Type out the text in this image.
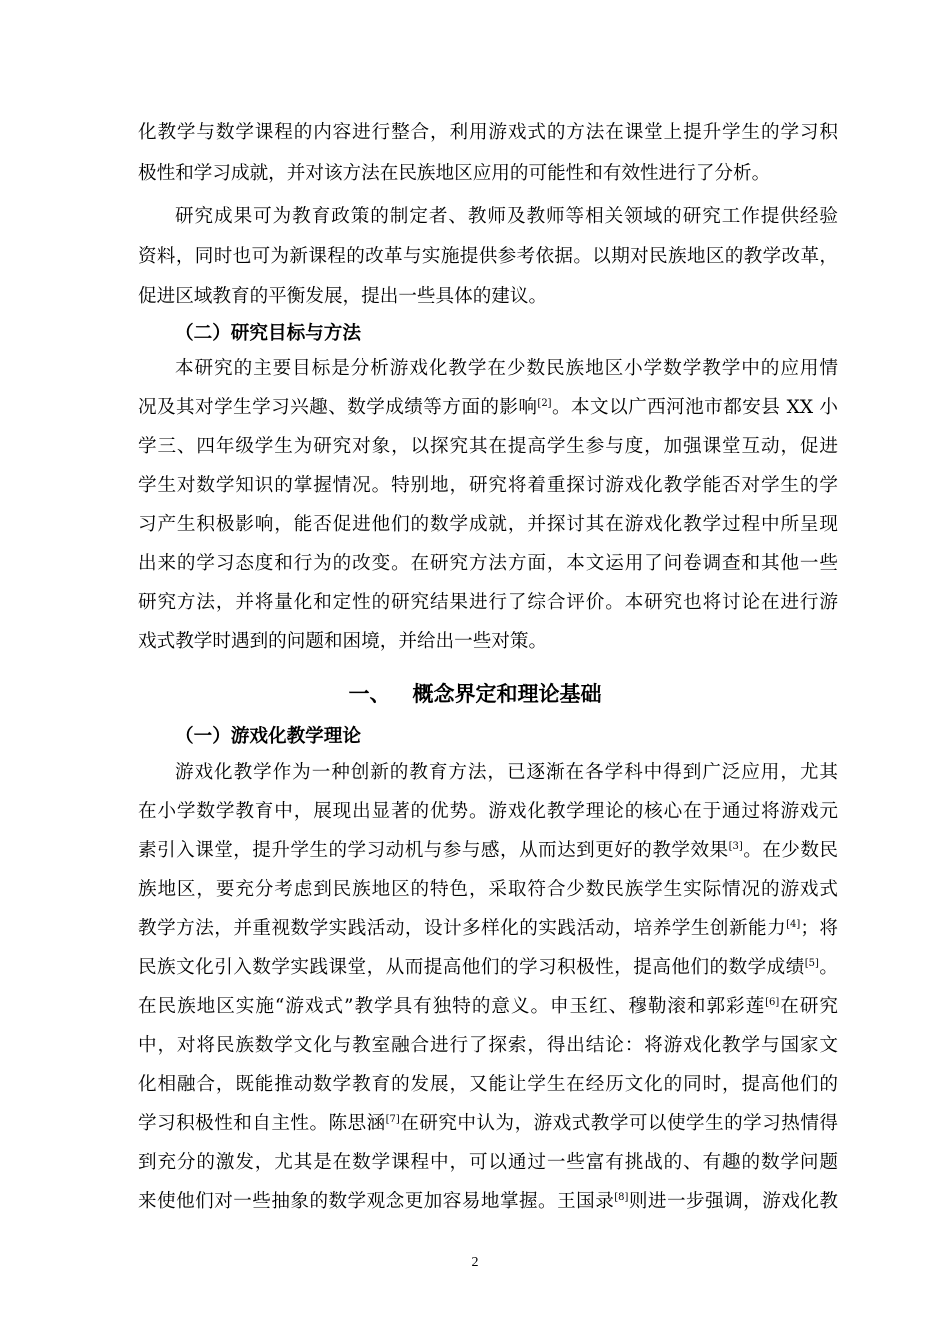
化教学与数学课程的内容进行整合，利用游戏式的方法在课堂上提升学生的学习积
极性和学习成就，并对该方法在民族地区应用的可能性和有效性进行了分析。
研究成果可为教育政策的制定者、教师及教师等相关领域的研究工作提供经验
资料，同时也可为新课程的改革与实施提供参考依据。以期对民族地区的教学改革，
促进区域教育的平衡发展，提出一些具体的建议。
（二）研究目标与方法
本研究的主要目标是分析游戏化教学在少数民族地区小学数学教学中的应用情
况及其对学生学习兴趣、数学成绩等方面的影响[2]。本文以广西河池市都安县 XX 小
学三、四年级学生为研究对象，以探究其在提高学生参与度，加强课堂互动，促进
学生对数学知识的掌握情况。特别地，研究将着重探讨游戏化教学能否对学生的学
习产生积极影响，能否促进他们的数学成就，并探讨其在游戏化教学过程中所呈现
出来的学习态度和行为的改变。在研究方法方面，本文运用了问卷调查和其他一些
研究方法，并将量化和定性的研究结果进行了综合评价。本研究也将讨论在进行游
戏式教学时遇到的问题和困境，并给出一些对策。
一、 概念界定和理论基础
（一）游戏化教学理论
游戏化教学作为一种创新的教育方法，已逐渐在各学科中得到广泛应用，尤其
在小学数学教育中，展现出显著的优势。游戏化教学理论的核心在于通过将游戏元
素引入课堂，提升学生的学习动机与参与感，从而达到更好的教学效果[3]。在少数民
族地区，要充分考虑到民族地区的特色，采取符合少数民族学生实际情况的游戏式
教学方法，并重视数学实践活动，设计多样化的实践活动，培养学生创新能力[4]；将
民族文化引入数学实践课堂，从而提高他们的学习积极性，提高他们的数学成绩[5]。
在民族地区实施“游戏式”教学具有独特的意义。申玉红、穆勒滚和郭彩莲[6]在研究
中，对将民族数学文化与教室融合进行了探索，得出结论：将游戏化教学与国家文
化相融合，既能推动数学教育的发展，又能让学生在经历文化的同时，提高他们的
学习积极性和自主性。陈思涵[7]在研究中认为，游戏式教学可以使学生的学习热情得
到充分的激发，尤其是在数学课程中，可以通过一些富有挑战的、有趣的数学问题
来使他们对一些抽象的数学观念更加容易地掌握。王国录[8]则进一步强调，游戏化教
2
